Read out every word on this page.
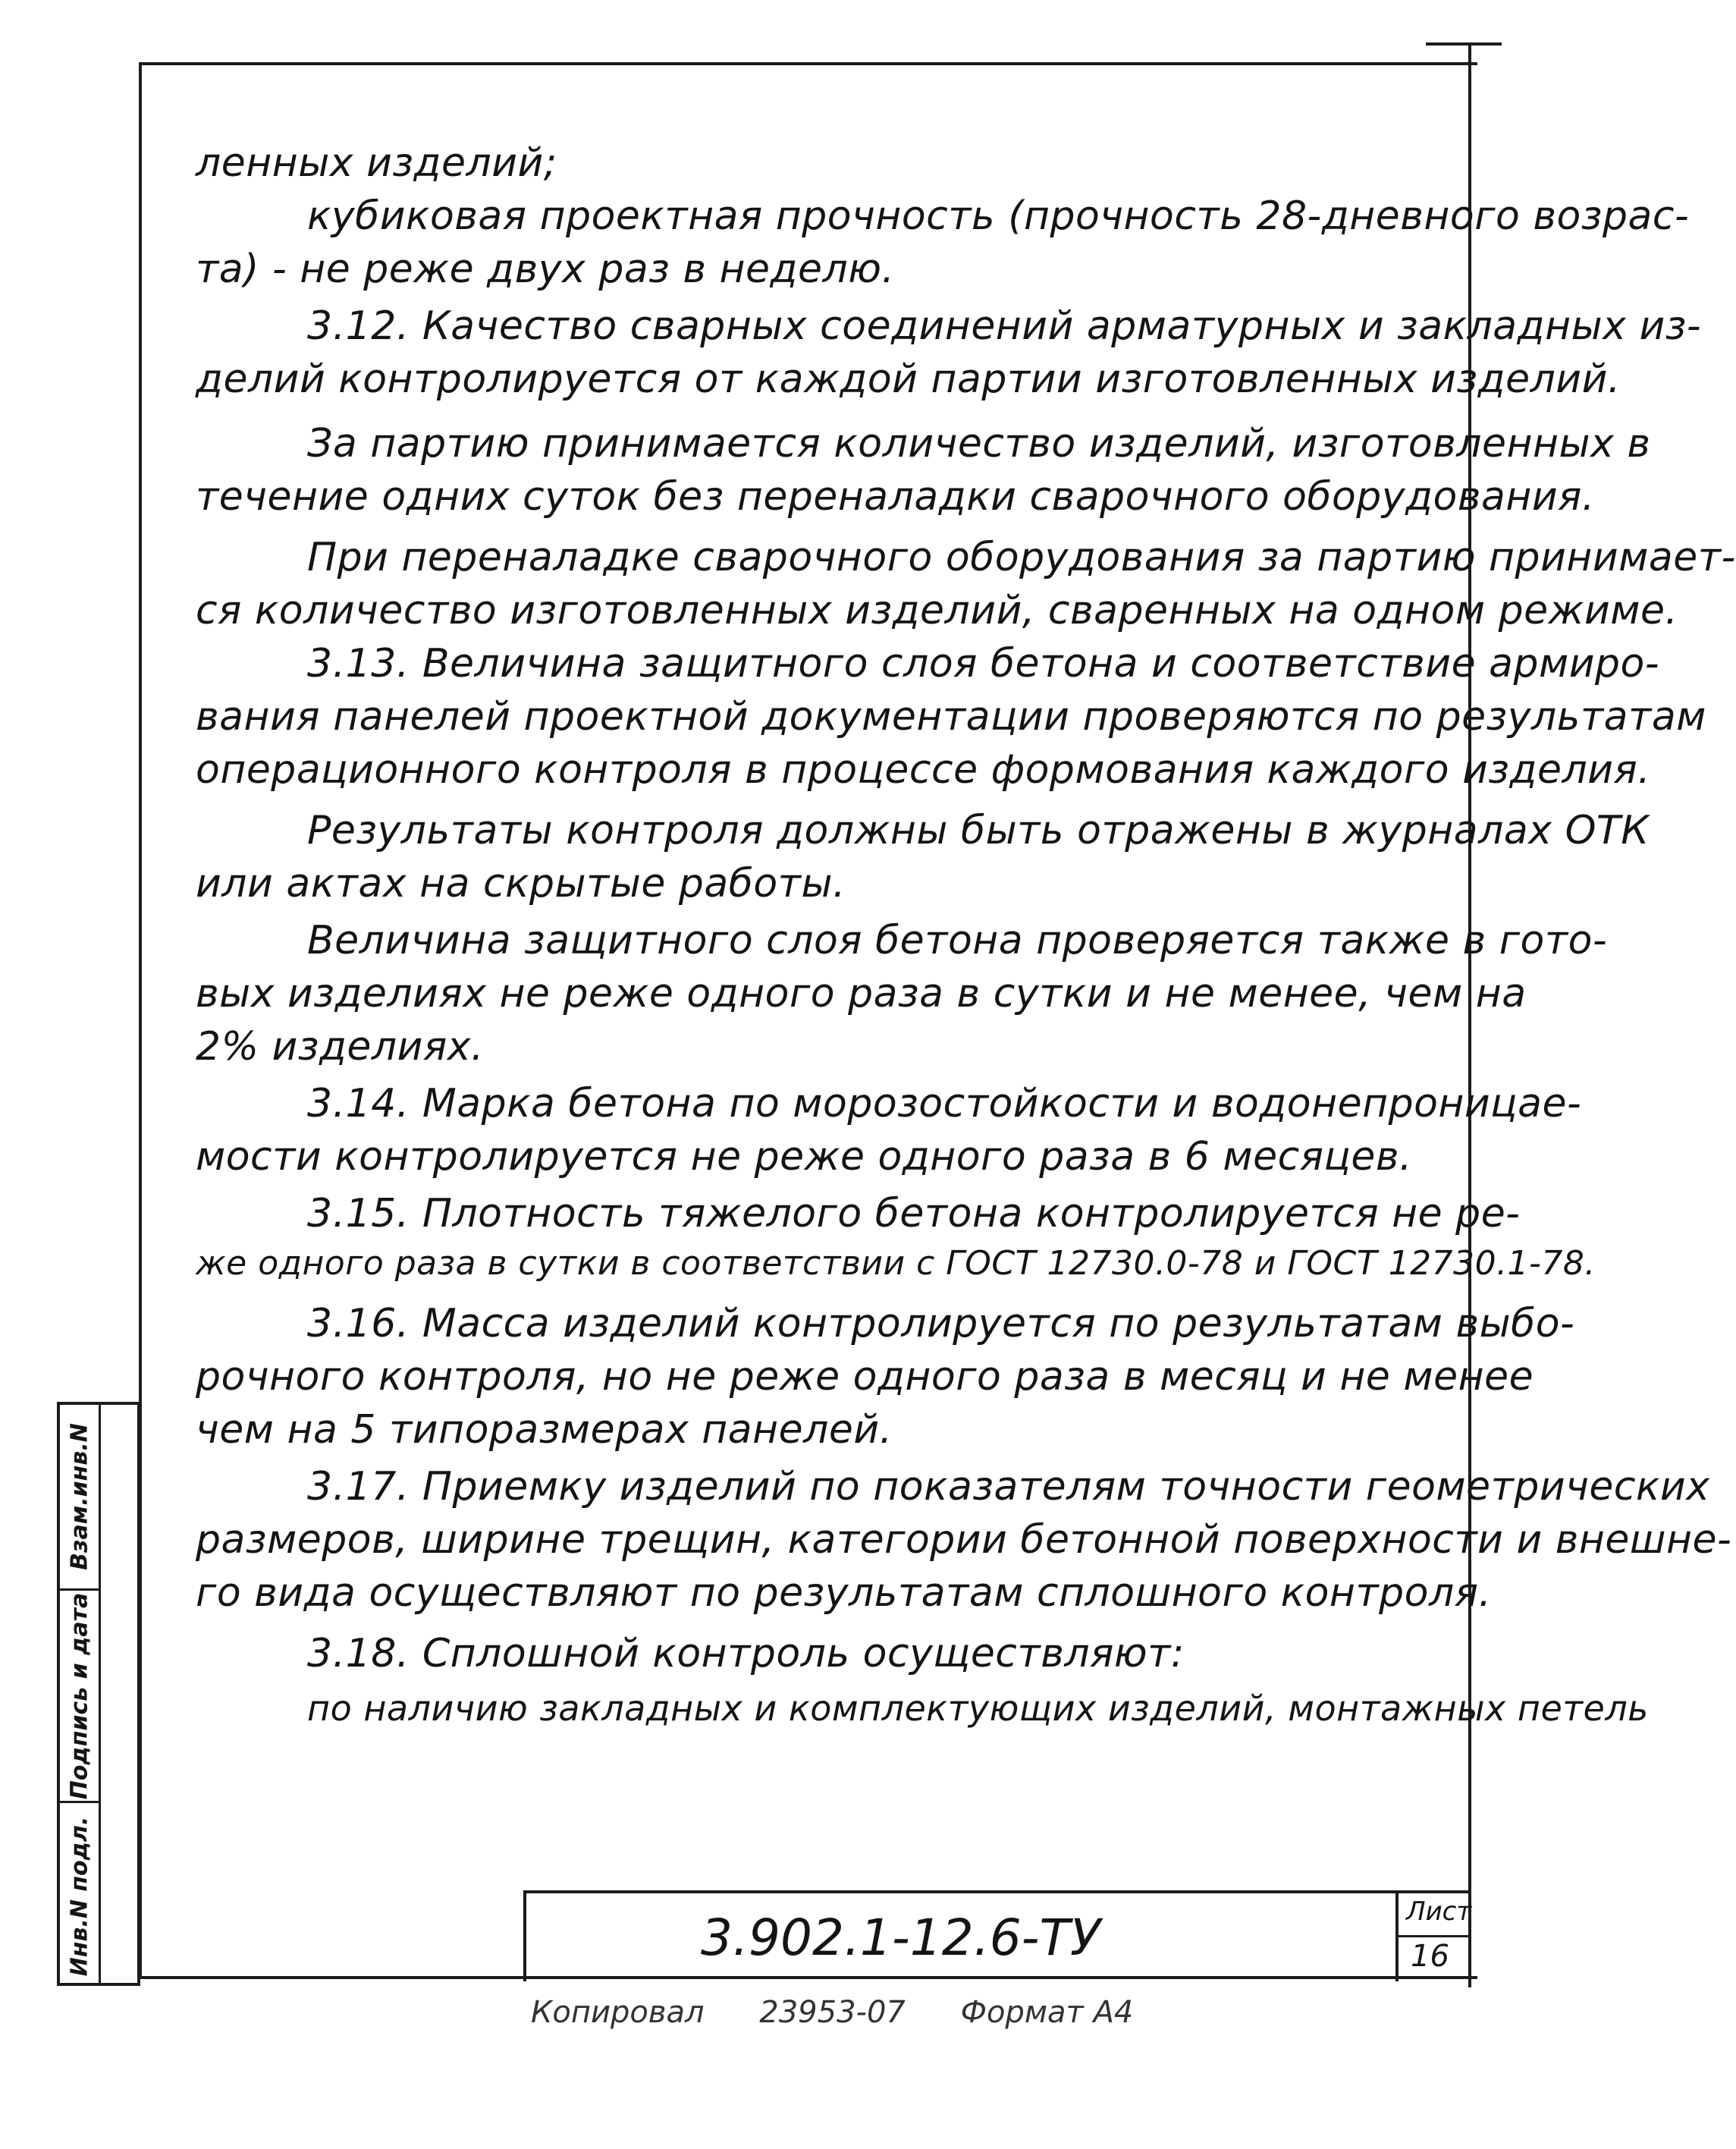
ленных изделий;
кубиковая проектная прочность (прочность 28-дневного возрас-
та) - не реже двух раз в неделю.
3.12. Качество сварных соединений арматурных и закладных из-
делий контролируется от каждой партии изготовленных изделий.
За партию принимается количество изделий, изготовленных в
течение одних суток без переналадки сварочного оборудования.
При переналадке сварочного оборудования за партию принимает-
ся количество изготовленных изделий, сваренных на одном режиме.
3.13. Величина защитного слоя бетона и соответствие армиро-
вания панелей проектной документации проверяются по результатам
операционного контроля в процессе формования каждого изделия.
Результаты контроля должны быть отражены в журналах ОТК
или актах на скрытые работы.
Величина защитного слоя бетона проверяется также в гото-
вых изделиях не реже одного раза в сутки и не менее, чем на
2% изделиях.
3.14. Марка бетона по морозостойкости и водонепроницае-
мости контролируется не реже одного раза в 6 месяцев.
3.15. Плотность тяжелого бетона контролируется не ре-
же одного раза в сутки в соответствии с ГОСТ 12730.0-78 и ГОСТ 12730.1-78.
3.16. Масса изделий контролируется по результатам выбо-
рочного контроля, но не реже одного раза в месяц и не менее
чем на 5 типоразмерах панелей.
3.17. Приемку изделий по показателям точности геометрических
размеров, ширине трещин, категории бетонной поверхности и внешне-
го вида осуществляют по результатам сплошного контроля.
3.18. Сплошной контроль осуществляют:
по наличию закладных и комплектующих изделий, монтажных петель
Взам.инв.N
Подпись и дата
Инв.N подл.	3.902.1-12.6-ТУ	Лист
16
Копировал 23953-07 Формат А4
